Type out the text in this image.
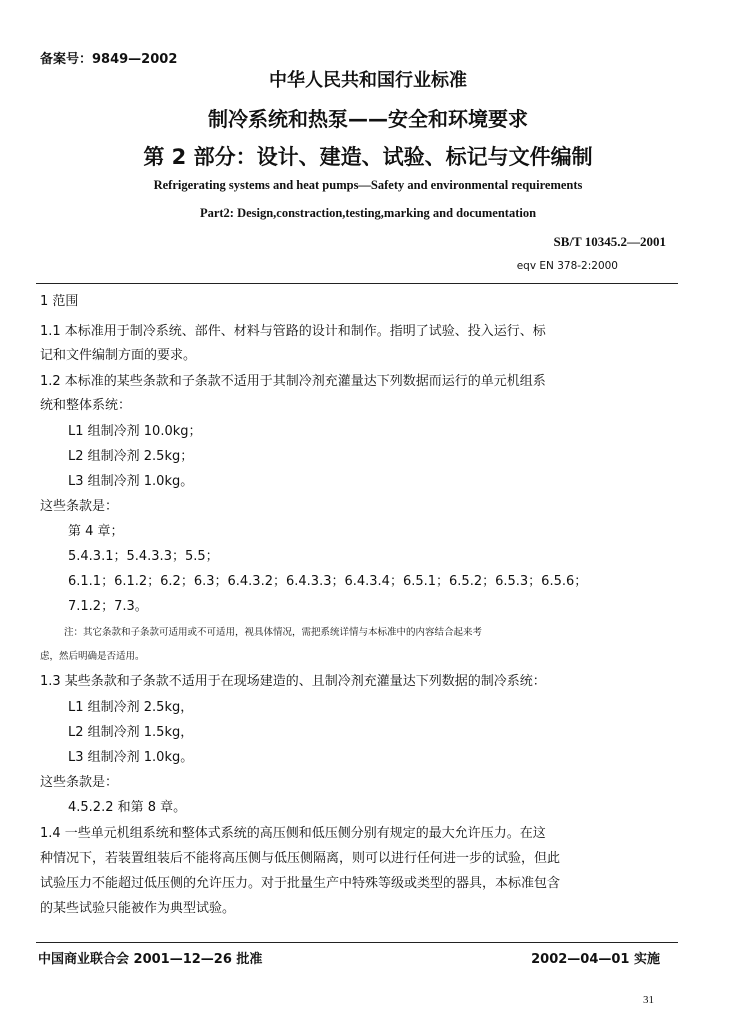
备案号：9849—2002
中华人民共和国行业标准
制冷系统和热泵——安全和环境要求
第 2 部分：设计、建造、试验、标记与文件编制
Refrigerating systems and heat pumps—Safety and environmental requirements
Part2: Design,constraction,testing,marking and documentation
SB/T 10345.2—2001
eqv EN 378-2:2000
1 范围
1.1 本标准用于制冷系统、部件、材料与管路的设计和制作。指明了试验、投入运行、标
记和文件编制方面的要求。
1.2 本标准的某些条款和子条款不适用于其制冷剂充灌量达下列数据而运行的单元机组系
统和整体系统：
L1 组制冷剂 10.0kg；
L2 组制冷剂 2.5kg；
L3 组制冷剂 1.0kg。
这些条款是：
第 4 章；
5.4.3.1；5.4.3.3；5.5；
6.1.1；6.1.2；6.2；6.3；6.4.3.2；6.4.3.3；6.4.3.4；6.5.1；6.5.2；6.5.3；6.5.6；
7.1.2；7.3。
注：其它条款和子条款可适用或不可适用，视具体情况，需把系统详情与本标准中的内容结合起来考
虑，然后明确是否适用。
1.3 某些条款和子条款不适用于在现场建造的、且制冷剂充灌量达下列数据的制冷系统：
L1 组制冷剂 2.5kg，
L2 组制冷剂 1.5kg，
L3 组制冷剂 1.0kg。
这些条款是：
4.5.2.2 和第 8 章。
1.4 一些单元机组系统和整体式系统的高压侧和低压侧分别有规定的最大允许压力。在这
种情况下，若装置组装后不能将高压侧与低压侧隔离，则可以进行任何进一步的试验，但此
试验压力不能超过低压侧的允许压力。对于批量生产中特殊等级或类型的器具，本标准包含
的某些试验只能被作为典型试验。
中国商业联合会 2001—12—26 批准	2002—04—01 实施
31
